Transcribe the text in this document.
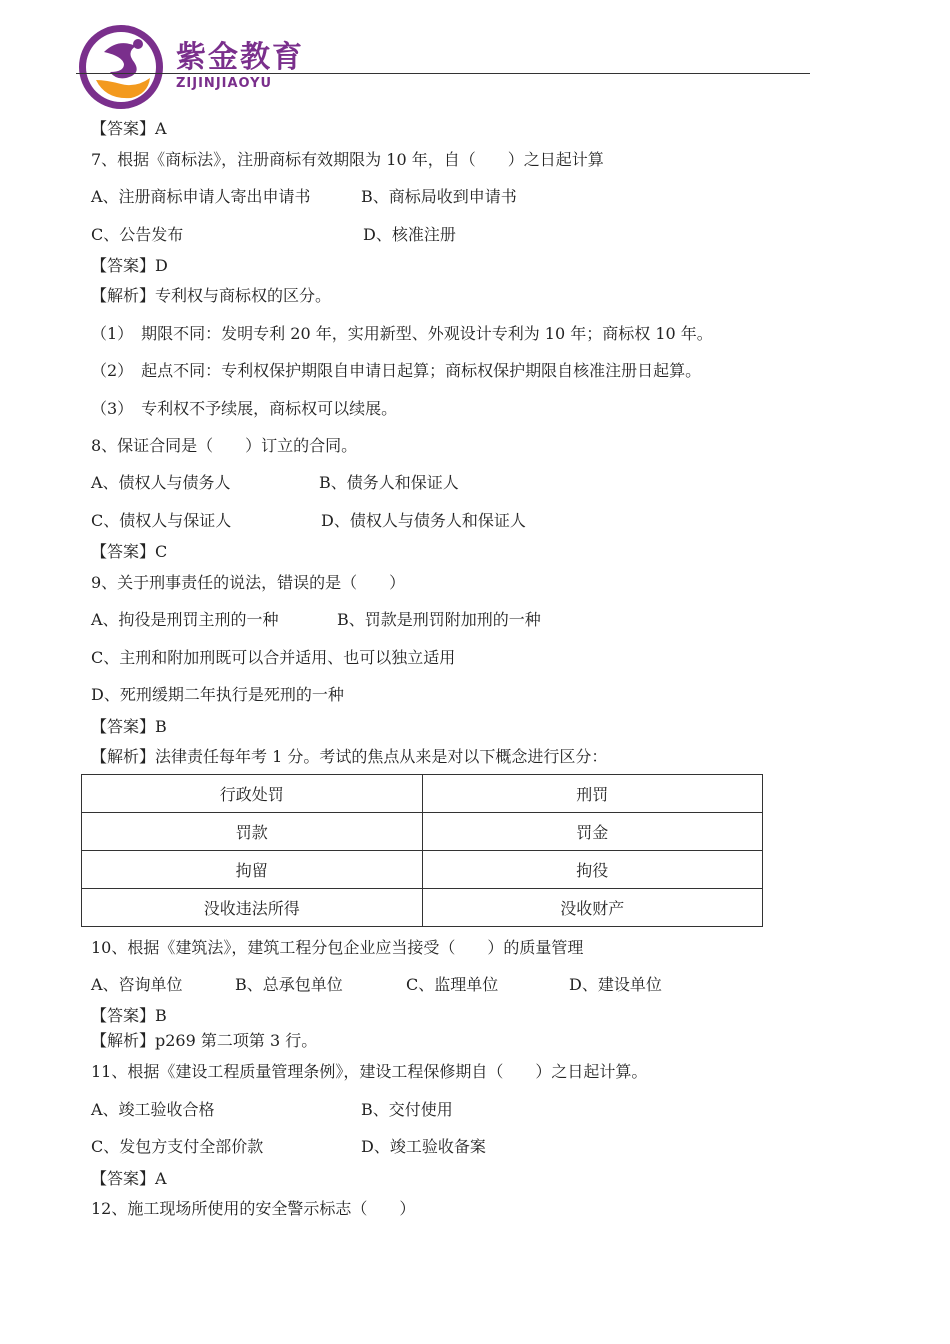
紫金教育
ZIJINJIAOYU
【答案】A
7、根据《商标法》，注册商标有效期限为 10 年，自（　　）之日起计算
A、注册商标申请人寄出申请书	B、商标局收到申请书
C、公告发布	D、核准注册
【答案】D
【解析】专利权与商标权的区分。
（1）　期限不同：发明专利 20 年，实用新型、外观设计专利为 10 年；商标权 10 年。
（2）　起点不同：专利权保护期限自申请日起算；商标权保护期限自核准注册日起算。
（3）　专利权不予续展，商标权可以续展。
8、保证合同是（　　）订立的合同。
A、债权人与债务人	B、债务人和保证人
C、债权人与保证人	D、债权人与债务人和保证人
【答案】C
9、关于刑事责任的说法，错误的是（　　）
A、拘役是刑罚主刑的一种	B、罚款是刑罚附加刑的一种
C、主刑和附加刑既可以合并适用、也可以独立适用
D、死刑缓期二年执行是死刑的一种
【答案】B
【解析】法律责任每年考 1 分。考试的焦点从来是对以下概念进行区分：
行政处罚	刑罚
罚款	罚金
拘留	拘役
没收违法所得	没收财产
10、根据《建筑法》，建筑工程分包企业应当接受（　　）的质量管理
A、咨询单位	B、总承包单位	C、监理单位	D、建设单位
【答案】B
【解析】p269 第二项第 3 行。
11、根据《建设工程质量管理条例》，建设工程保修期自（　　）之日起计算。
A、竣工验收合格	B、交付使用
C、发包方支付全部价款	D、竣工验收备案
【答案】A
12、施工现场所使用的安全警示标志（　　）
